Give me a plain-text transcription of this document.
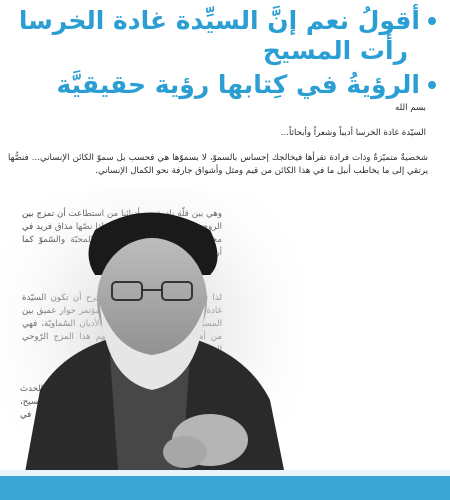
أقولُ نعم إنَّ السيِّدة غادة الخرسا
رأت المسيح
الرؤيةُ في كِتابها رؤية حقيقيَّة
بسم الله
السيّدة غادة الخرسا أديباً وشعراً وأبحاثاً...
شخصيةٌ متميّزةٌ وذات فرادة تقرأها فيخالجك إحساس بالسموّ، لا بسموّها هي فحسب بل سموّ الكائن الإنساني... فنصُّها يرتقي إلى ما يخاطب أنبل ما في هذا الكائن من قيم ومثل وأشواق جارفة نحو الكمال الإنساني.
